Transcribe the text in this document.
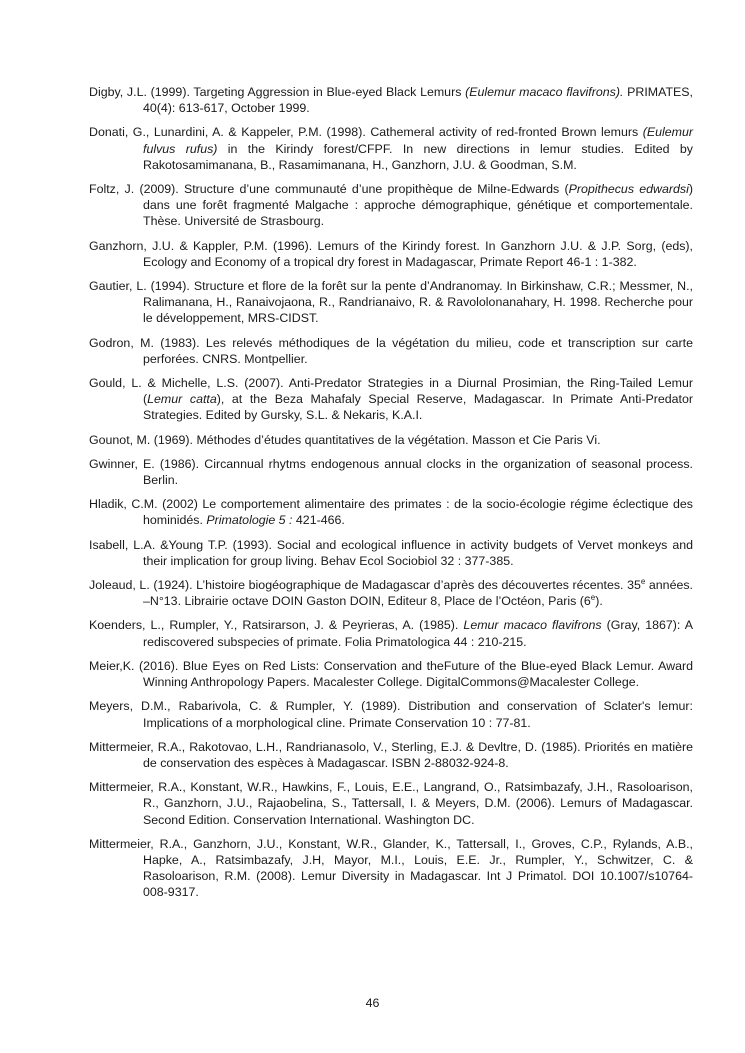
Digby, J.L. (1999). Targeting Aggression in Blue-eyed Black Lemurs (Eulemur macaco flavifrons). PRIMATES, 40(4): 613-617, October 1999.
Donati, G., Lunardini, A. & Kappeler, P.M. (1998). Cathemeral activity of red-fronted Brown lemurs (Eulemur fulvus rufus) in the Kirindy forest/CFPF. In new directions in lemur studies. Edited by Rakotosamimanana, B., Rasamimanana, H., Ganzhorn, J.U. & Goodman, S.M.
Foltz, J. (2009). Structure d’une communauté d’une propithèque de Milne-Edwards (Propithecus edwardsi) dans une forêt fragmenté Malgache : approche démographique, génétique et comportementale. Thèse. Université de Strasbourg.
Ganzhorn, J.U. & Kappler, P.M. (1996). Lemurs of the Kirindy forest. In Ganzhorn J.U. & J.P. Sorg, (eds), Ecology and Economy of a tropical dry forest in Madagascar, Primate Report 46-1 : 1-382.
Gautier, L. (1994). Structure et flore de la forêt sur la pente d’Andranomay. In Birkinshaw, C.R.; Messmer, N., Ralimanana, H., Ranaivojaona, R., Randrianaivo, R. & Ravololonanahary, H. 1998. Recherche pour le développement, MRS-CIDST.
Godron, M. (1983). Les relevés méthodiques de la végétation du milieu, code et transcription sur carte perforées. CNRS. Montpellier.
Gould, L. & Michelle, L.S. (2007). Anti-Predator Strategies in a Diurnal Prosimian, the Ring-Tailed Lemur (Lemur catta), at the Beza Mahafaly Special Reserve, Madagascar. In Primate Anti-Predator Strategies. Edited by Gursky, S.L. & Nekaris, K.A.I.
Gounot, M. (1969). Méthodes d’études quantitatives de la végétation. Masson et Cie Paris Vi.
Gwinner, E. (1986). Circannual rhytms endogenous annual clocks in the organization of seasonal process. Berlin.
Hladik, C.M. (2002) Le comportement alimentaire des primates : de la socio-écologie régime éclectique des hominidés. Primatologie 5 : 421-466.
Isabell, L.A. &Young T.P. (1993). Social and ecological influence in activity budgets of Vervet monkeys and their implication for group living. Behav Ecol Sociobiol 32 : 377-385.
Joleaud, L. (1924). L’histoire biogéographique de Madagascar d’après des découvertes récentes. 35e années. –N°13. Librairie octave DOIN Gaston DOIN, Editeur 8, Place de l’Octéon, Paris (6e).
Koenders, L., Rumpler, Y., Ratsirarson, J. & Peyrieras, A. (1985). Lemur macaco flavifrons (Gray, 1867): A rediscovered subspecies of primate. Folia Primatologica 44 : 210-215.
Meier,K. (2016). Blue Eyes on Red Lists: Conservation and theFuture of the Blue-eyed Black Lemur. Award Winning Anthropology Papers. Macalester College. DigitalCommons@Macalester College.
Meyers, D.M., Rabarivola, C. & Rumpler, Y. (1989). Distribution and conservation of Sclater's lemur: Implications of a morphological cline. Primate Conservation 10 : 77-81.
Mittermeier, R.A., Rakotovao, L.H., Randrianasolo, V., Sterling, E.J. & Devltre, D. (1985). Priorités en matière de conservation des espèces à Madagascar. ISBN 2-88032-924-8.
Mittermeier, R.A., Konstant, W.R., Hawkins, F., Louis, E.E., Langrand, O., Ratsimbazafy, J.H., Rasoloarison, R., Ganzhorn, J.U., Rajaobelina, S., Tattersall, I. & Meyers, D.M. (2006). Lemurs of Madagascar. Second Edition. Conservation International. Washington DC.
Mittermeier, R.A., Ganzhorn, J.U., Konstant, W.R., Glander, K., Tattersall, I., Groves, C.P., Rylands, A.B., Hapke, A., Ratsimbazafy, J.H, Mayor, M.I., Louis, E.E. Jr., Rumpler, Y., Schwitzer, C. & Rasoloarison, R.M. (2008). Lemur Diversity in Madagascar. Int J Primatol. DOI 10.1007/s10764-008-9317.
46
